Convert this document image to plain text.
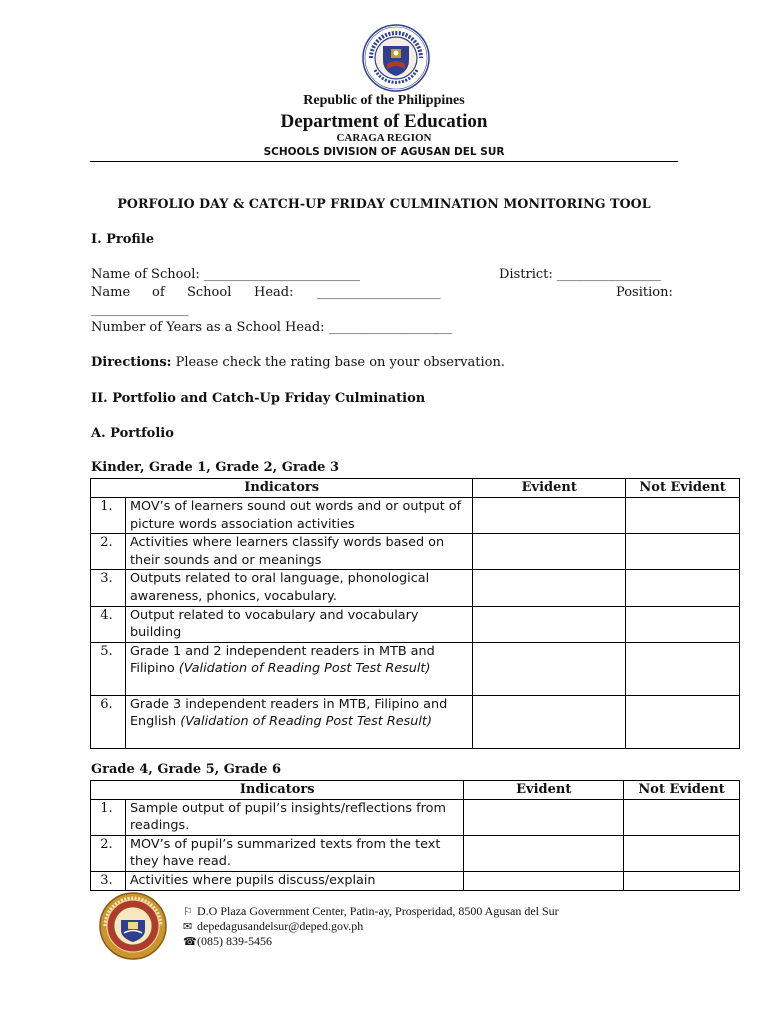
Republic of the Philippines
Department of Education
CARAGA REGION
SCHOOLS DIVISION OF AGUSAN DEL SUR
PORFOLIO DAY & CATCH-UP FRIDAY CULMINATION MONITORING TOOL
I. Profile
Name of School: ________________________	District: ________________
Name of School Head: ___________________	Position:
_______________
Number of Years as a School Head: ___________________
Directions: Please check the rating base on your observation.
II. Portfolio and Catch-Up Friday Culmination
A. Portfolio
Kinder, Grade 1, Grade 2, Grade 3
Indicators		Evident	Not Evident
1.	MOV’s of learners sound out words and or output of picture words association activities		
2.	Activities where learners classify words based on their sounds and or meanings		
3.	Outputs related to oral language, phonological awareness, phonics, vocabulary.		
4.	Output related to vocabulary and vocabulary building		
5.	Grade 1 and 2 independent readers in MTB and Filipino (Validation of Reading Post Test Result)		
6.	Grade 3 independent readers in MTB, Filipino and English (Validation of Reading Post Test Result)		
Grade 4, Grade 5, Grade 6
Indicators		Evident	Not Evident
1.	Sample output of pupil’s insights/reflections from readings.		
2.	MOV’s of pupil’s summarized texts from the text they have read.		
3.	Activities where pupils discuss/explain		
⚐ D.O Plaza Government Center, Patin-ay, Prosperidad, 8500 Agusan del Sur
✉ depedagusandelsur@deped.gov.ph
☎(085) 839-5456
